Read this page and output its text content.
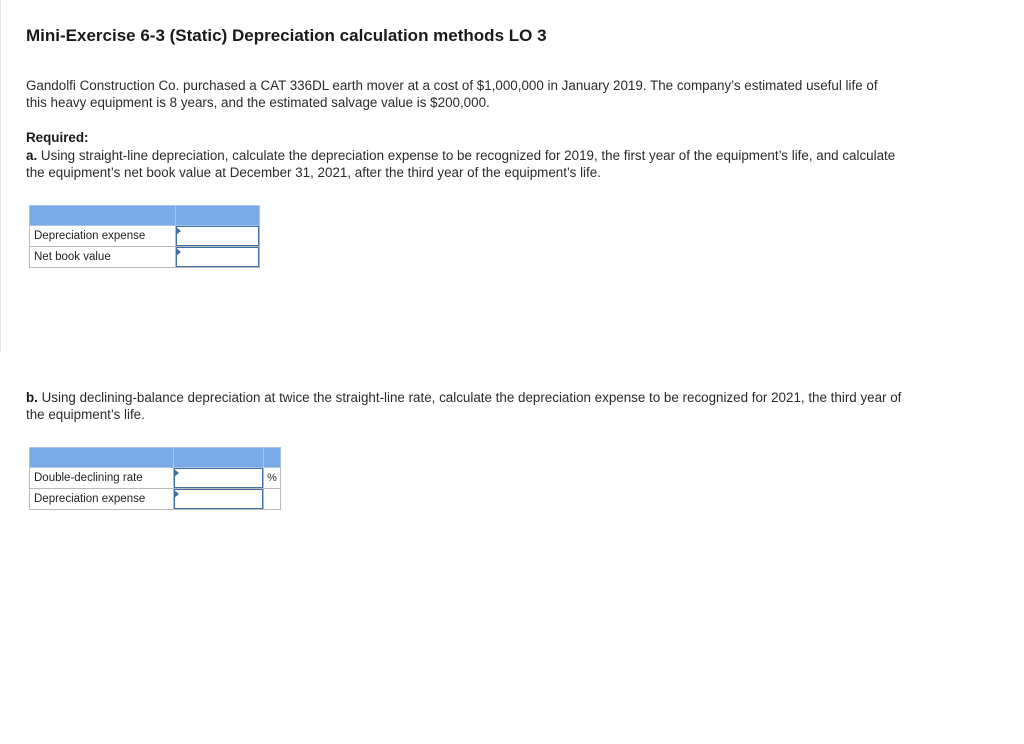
Mini-Exercise 6-3 (Static) Depreciation calculation methods LO 3

Gandolfi Construction Co. purchased a CAT 336DL earth mover at a cost of $1,000,000 in January 2019. The company’s estimated useful life of this heavy equipment is 8 years, and the estimated salvage value is $200,000.

Required:

a. Using straight-line depreciation, calculate the depreciation expense to be recognized for 2019, the first year of the equipment’s life, and calculate the equipment’s net book value at December 31, 2021, after the third year of the equipment’s life.

Depreciation expense	

Net book value	

b. Using declining-balance depreciation at twice the straight-line rate, calculate the depreciation expense to be recognized for 2021, the third year of the equipment’s life.

Double-declining rate		%
Depreciation expense	
